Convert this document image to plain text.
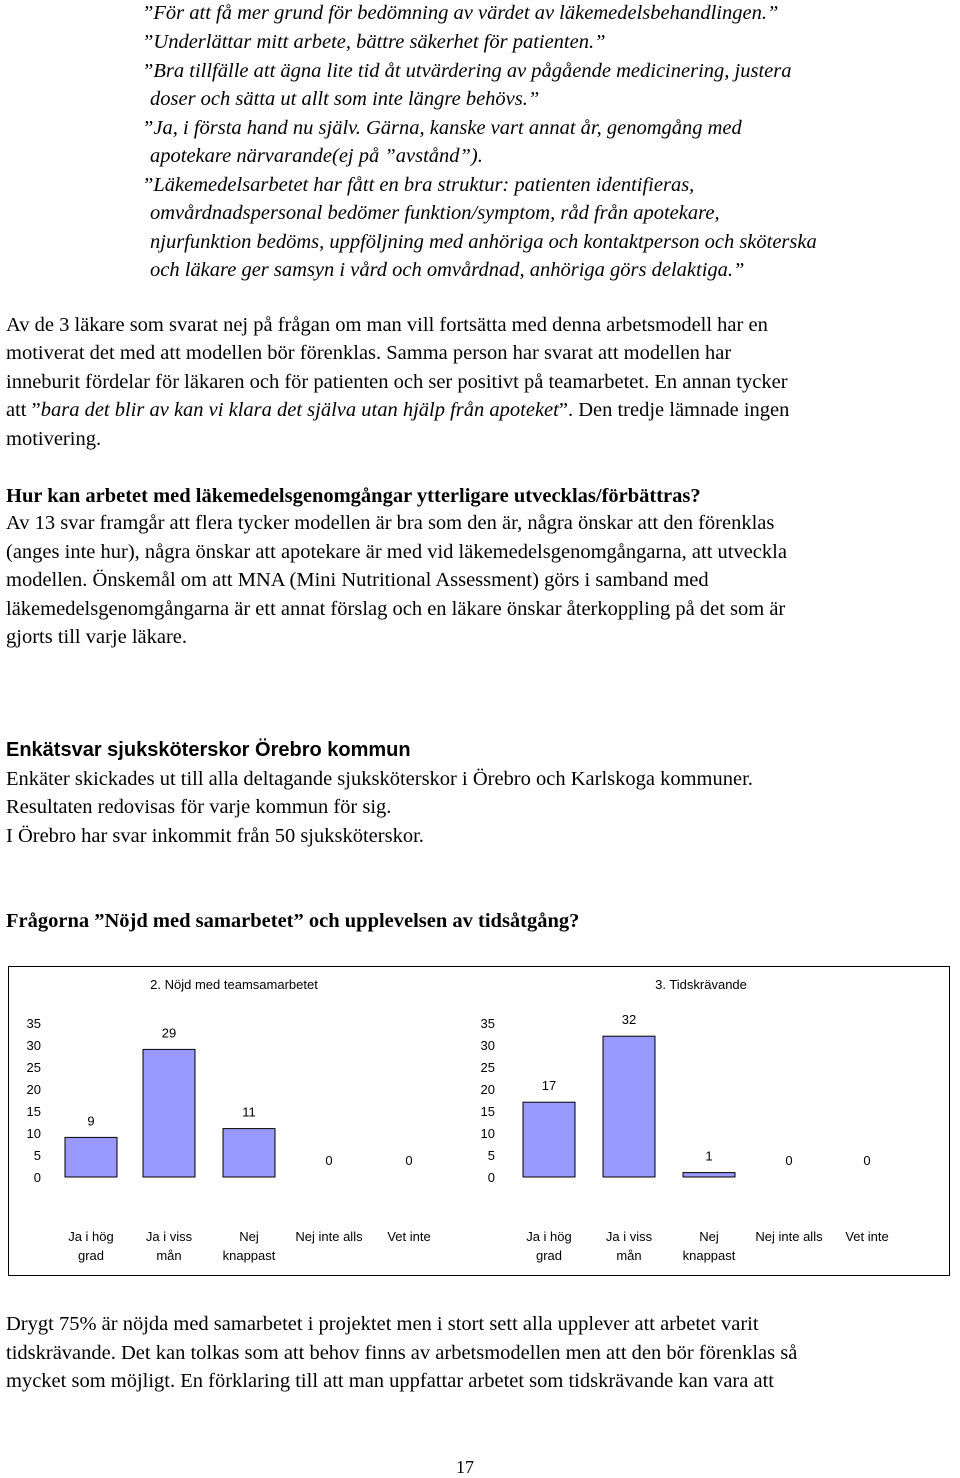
”För att få mer grund för bedömning av värdet av läkemedelsbehandlingen.”
”Underlättar mitt arbete, bättre säkerhet för patienten.”
”Bra tillfälle att ägna lite tid åt utvärdering av pågående medicinering, justera
doser och sätta ut allt som inte längre behövs.”
”Ja, i första hand nu själv. Gärna, kanske vart annat år, genomgång med
apotekare närvarande(ej på ”avstånd”).
”Läkemedelsarbetet har fått en bra struktur: patienten identifieras,
omvårdnadspersonal bedömer funktion/symptom, råd från apotekare,
njurfunktion bedöms, uppföljning med anhöriga och kontaktperson och sköterska
och läkare ger samsyn i vård och omvårdnad, anhöriga görs delaktiga.”
Av de 3 läkare som svarat nej på frågan om man vill fortsätta med denna arbetsmodell har en
motiverat det med att modellen bör förenklas. Samma person har svarat att modellen har
inneburit fördelar för läkaren och för patienten och ser positivt på teamarbetet. En annan tycker
att ”bara det blir av kan vi klara det själva utan hjälp från apoteket”. Den tredje lämnade ingen
motivering.
Hur kan arbetet med läkemedelsgenomgångar ytterligare utvecklas/förbättras?
Av 13 svar framgår att flera tycker modellen är bra som den är, några önskar att den förenklas
(anges inte hur), några önskar att apotekare är med vid läkemedelsgenomgångarna, att utveckla
modellen. Önskemål om att MNA (Mini Nutritional Assessment) görs i samband med
läkemedelsgenomgångarna är ett annat förslag och en läkare önskar återkoppling på det som är
gjorts till varje läkare.
Enkätsvar sjuksköterskor Örebro kommun
Enkäter skickades ut till alla deltagande sjuksköterskor i Örebro och Karlskoga kommuner.
Resultaten redovisas för varje kommun för sig.
I Örebro har svar inkommit från 50 sjuksköterskor.
Frågorna ”Nöjd med samarbetet” och upplevelsen av tidsåtgång?
2. Nöjd med teamsamarbetet
0
5
10
15
20
25
30
35
9
Ja i hög
grad
29
Ja i viss
mån
11
Nej
knappast
0
Nej inte alls
0
Vet inte
3. Tidskrävande
0
5
10
15
20
25
30
35
17
Ja i hög
grad
32
Ja i viss
mån
1
Nej
knappast
0
Nej inte alls
0
Vet inte
Drygt 75% är nöjda med samarbetet i projektet men i stort sett alla upplever att arbetet varit
tidskrävande. Det kan tolkas som att behov finns av arbetsmodellen men att den bör förenklas så
mycket som möjligt. En förklaring till att man uppfattar arbetet som tidskrävande kan vara att
17
